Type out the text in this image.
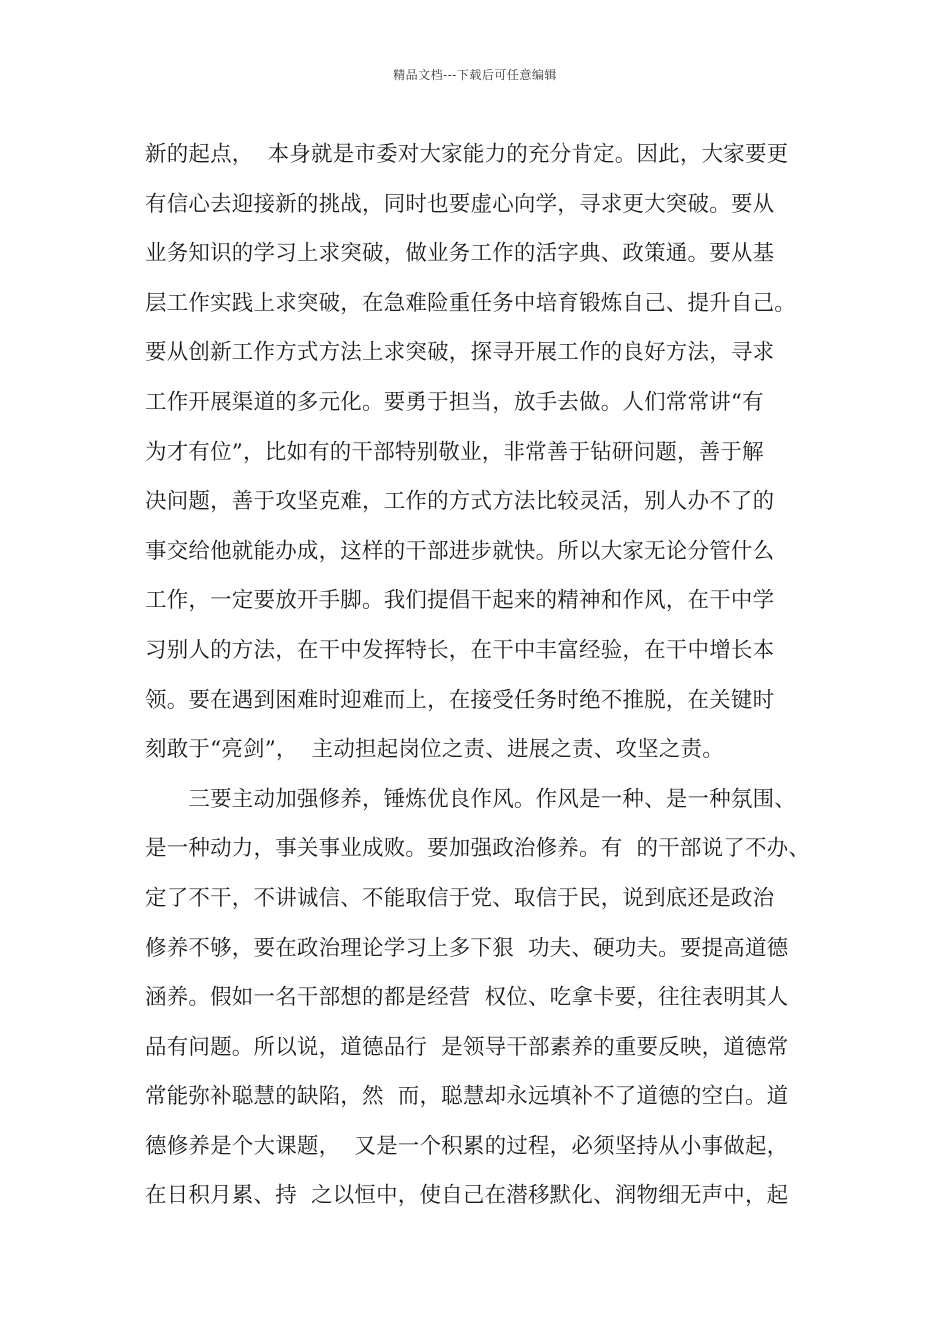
精品文档---下载后可任意编辑
新的起点，  本身就是市委对大家能力的充分肯定。因此，大家要更
有信心去迎接新的挑战，同时也要虚心向学，寻求更大突破。要从
业务知识的学习上求突破，做业务工作的活字典、政策通。要从基
层工作实践上求突破，在急难险重任务中培育锻炼自己、提升自己。
要从创新工作方式方法上求突破，探寻开展工作的良好方法，寻求
工作开展渠道的多元化。要勇于担当，放手去做。人们常常讲“有
为才有位”，比如有的干部特别敬业，非常善于钻研问题，善于解
决问题，善于攻坚克难，工作的方式方法比较灵活，别人办不了的
事交给他就能办成，这样的干部进步就快。所以大家无论分管什么
工作，一定要放开手脚。我们提倡干起来的精神和作风，在干中学
习别人的方法，在干中发挥特长，在干中丰富经验，在干中增长本
领。要在遇到困难时迎难而上，在接受任务时绝不推脱，在关键时
刻敢于“亮剑”，  主动担起岗位之责、进展之责、攻坚之责。
　　三要主动加强修养，锤炼优良作风。作风是一种、是一种氛围、
是一种动力，事关事业成败。要加强政治修养。有  的干部说了不办、
定了不干，不讲诚信、不能取信于党、取信于民，说到底还是政治
修养不够，要在政治理论学习上多下狠  功夫、硬功夫。要提高道德
涵养。假如一名干部想的都是经营  权位、吃拿卡要，往往表明其人
品有问题。所以说，道德品行  是领导干部素养的重要反映，道德常
常能弥补聪慧的缺陷，然  而，聪慧却永远填补不了道德的空白。道
德修养是个大课题，  又是一个积累的过程，必须坚持从小事做起，
在日积月累、持  之以恒中，使自己在潜移默化、润物细无声中，起
